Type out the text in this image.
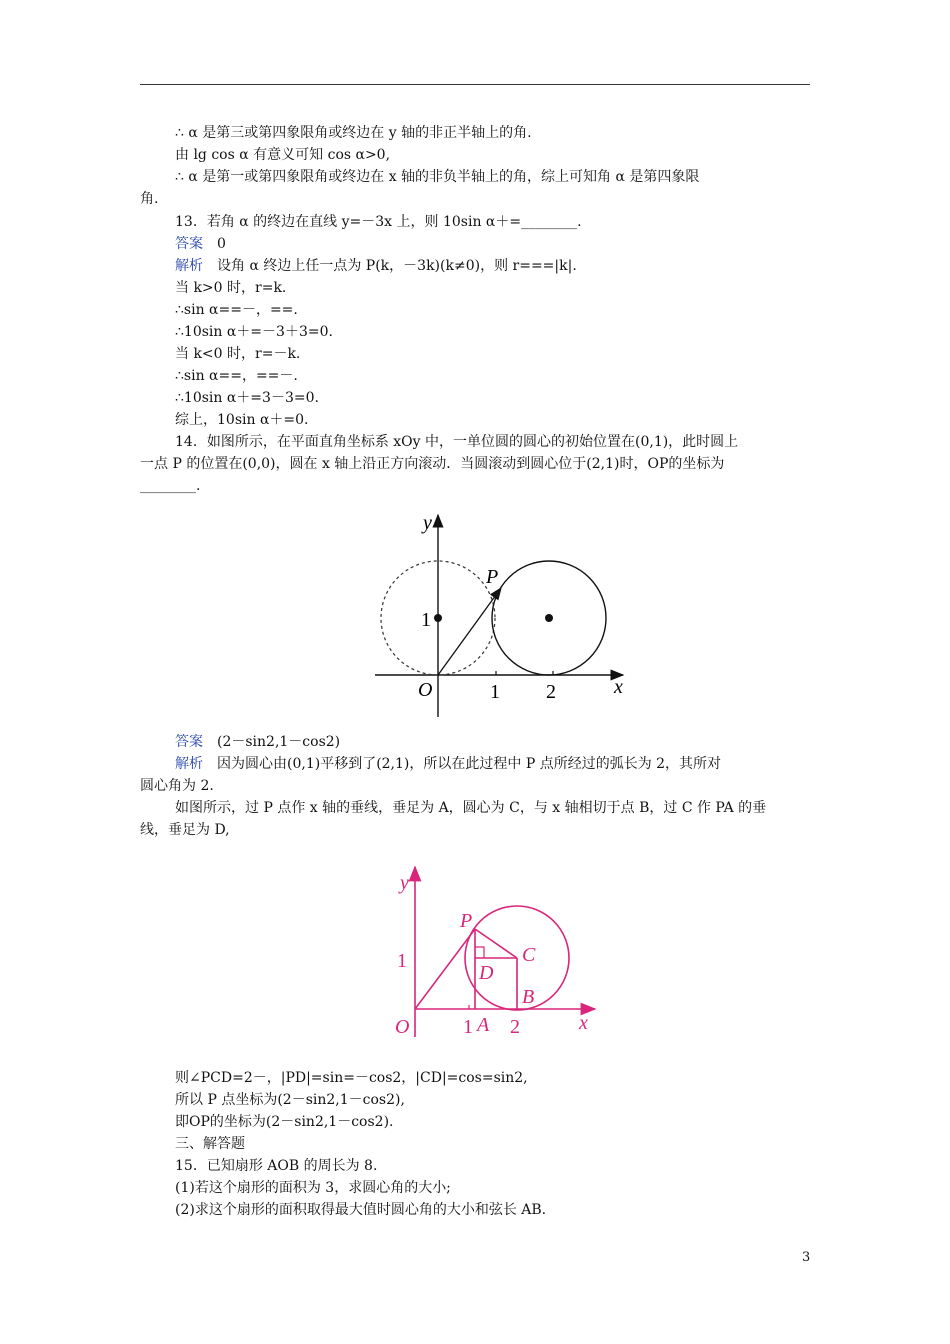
∴ α 是第三或第四象限角或终边在 y 轴的非正半轴上的角.
由 lg cos α 有意义可知 cos α>0,
∴ α 是第一或第四象限角或终边在 x 轴的非负半轴上的角，综上可知角 α 是第四象限
角.
13．若角 α 的终边在直线 y=－3x 上，则 10sin α＋=________.
答案 0
解析 设角 α 终边上任一点为 P(k，－3k)(k≠0)，则 r===|k|.
当 k>0 时，r=k.
∴sin α==－，==.
∴10sin α＋=－3＋3=0.
当 k<0 时，r=－k.
∴sin α==，==－.
∴10sin α＋=3－3=0.
综上，10sin α＋=0.
14．如图所示，在平面直角坐标系 xOy 中，一单位圆的圆心的初始位置在(0,1)，此时圆上
一点 P 的位置在(0,0)，圆在 x 轴上沿正方向滚动．当圆滚动到圆心位于(2,1)时，OP的坐标为
________.
y
x
P
O
1
1 2
答案 (2－sin2,1－cos2)
解析 因为圆心由(0,1)平移到了(2,1)，所以在此过程中 P 点所经过的弧长为 2，其所对
圆心角为 2.
如图所示，过 P 点作 x 轴的垂线，垂足为 A，圆心为 C，与 x 轴相切于点 B，过 C 作 PA 的垂
线，垂足为 D,
y
x
P
C
D
A
B
O
1
1 2
则∠PCD=2－，|PD|=sin=－cos2，|CD|=cos=sin2,
所以 P 点坐标为(2－sin2,1－cos2),
即OP的坐标为(2－sin2,1－cos2).
三、解答题
15．已知扇形 AOB 的周长为 8.
(1)若这个扇形的面积为 3，求圆心角的大小;
(2)求这个扇形的面积取得最大值时圆心角的大小和弦长 AB.
3
